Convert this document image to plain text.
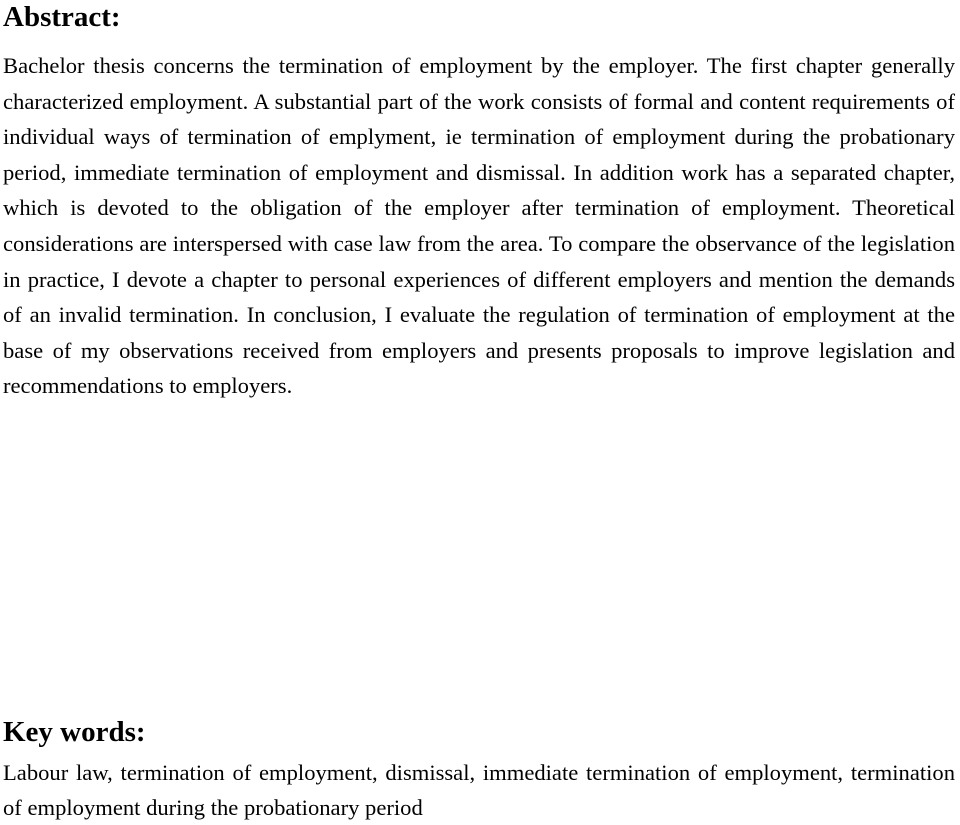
Abstract:

Bachelor thesis concerns the termination of employment by the employer. The first chapter generally characterized employment. A substantial part of the work consists of formal and content requirements of individual ways of termination of emplyment, ie termination of employment during the probationary period, immediate termination of employment and dismissal. In addition work has a separated chapter, which is devoted to the obligation of the employer after termination of employment. Theoretical considerations are interspersed with case law from the area. To compare the observance of the legislation in practice, I devote a chapter to personal experiences of different employers and mention the demands of an invalid termination. In conclusion, I evaluate the regulation of termination of employment at the base of my observations received from employers and presents proposals to improve legislation and recommendations to employers.

Key words:

Labour law, termination of employment, dismissal, immediate termination of employment, termination of employment during the probationary period
